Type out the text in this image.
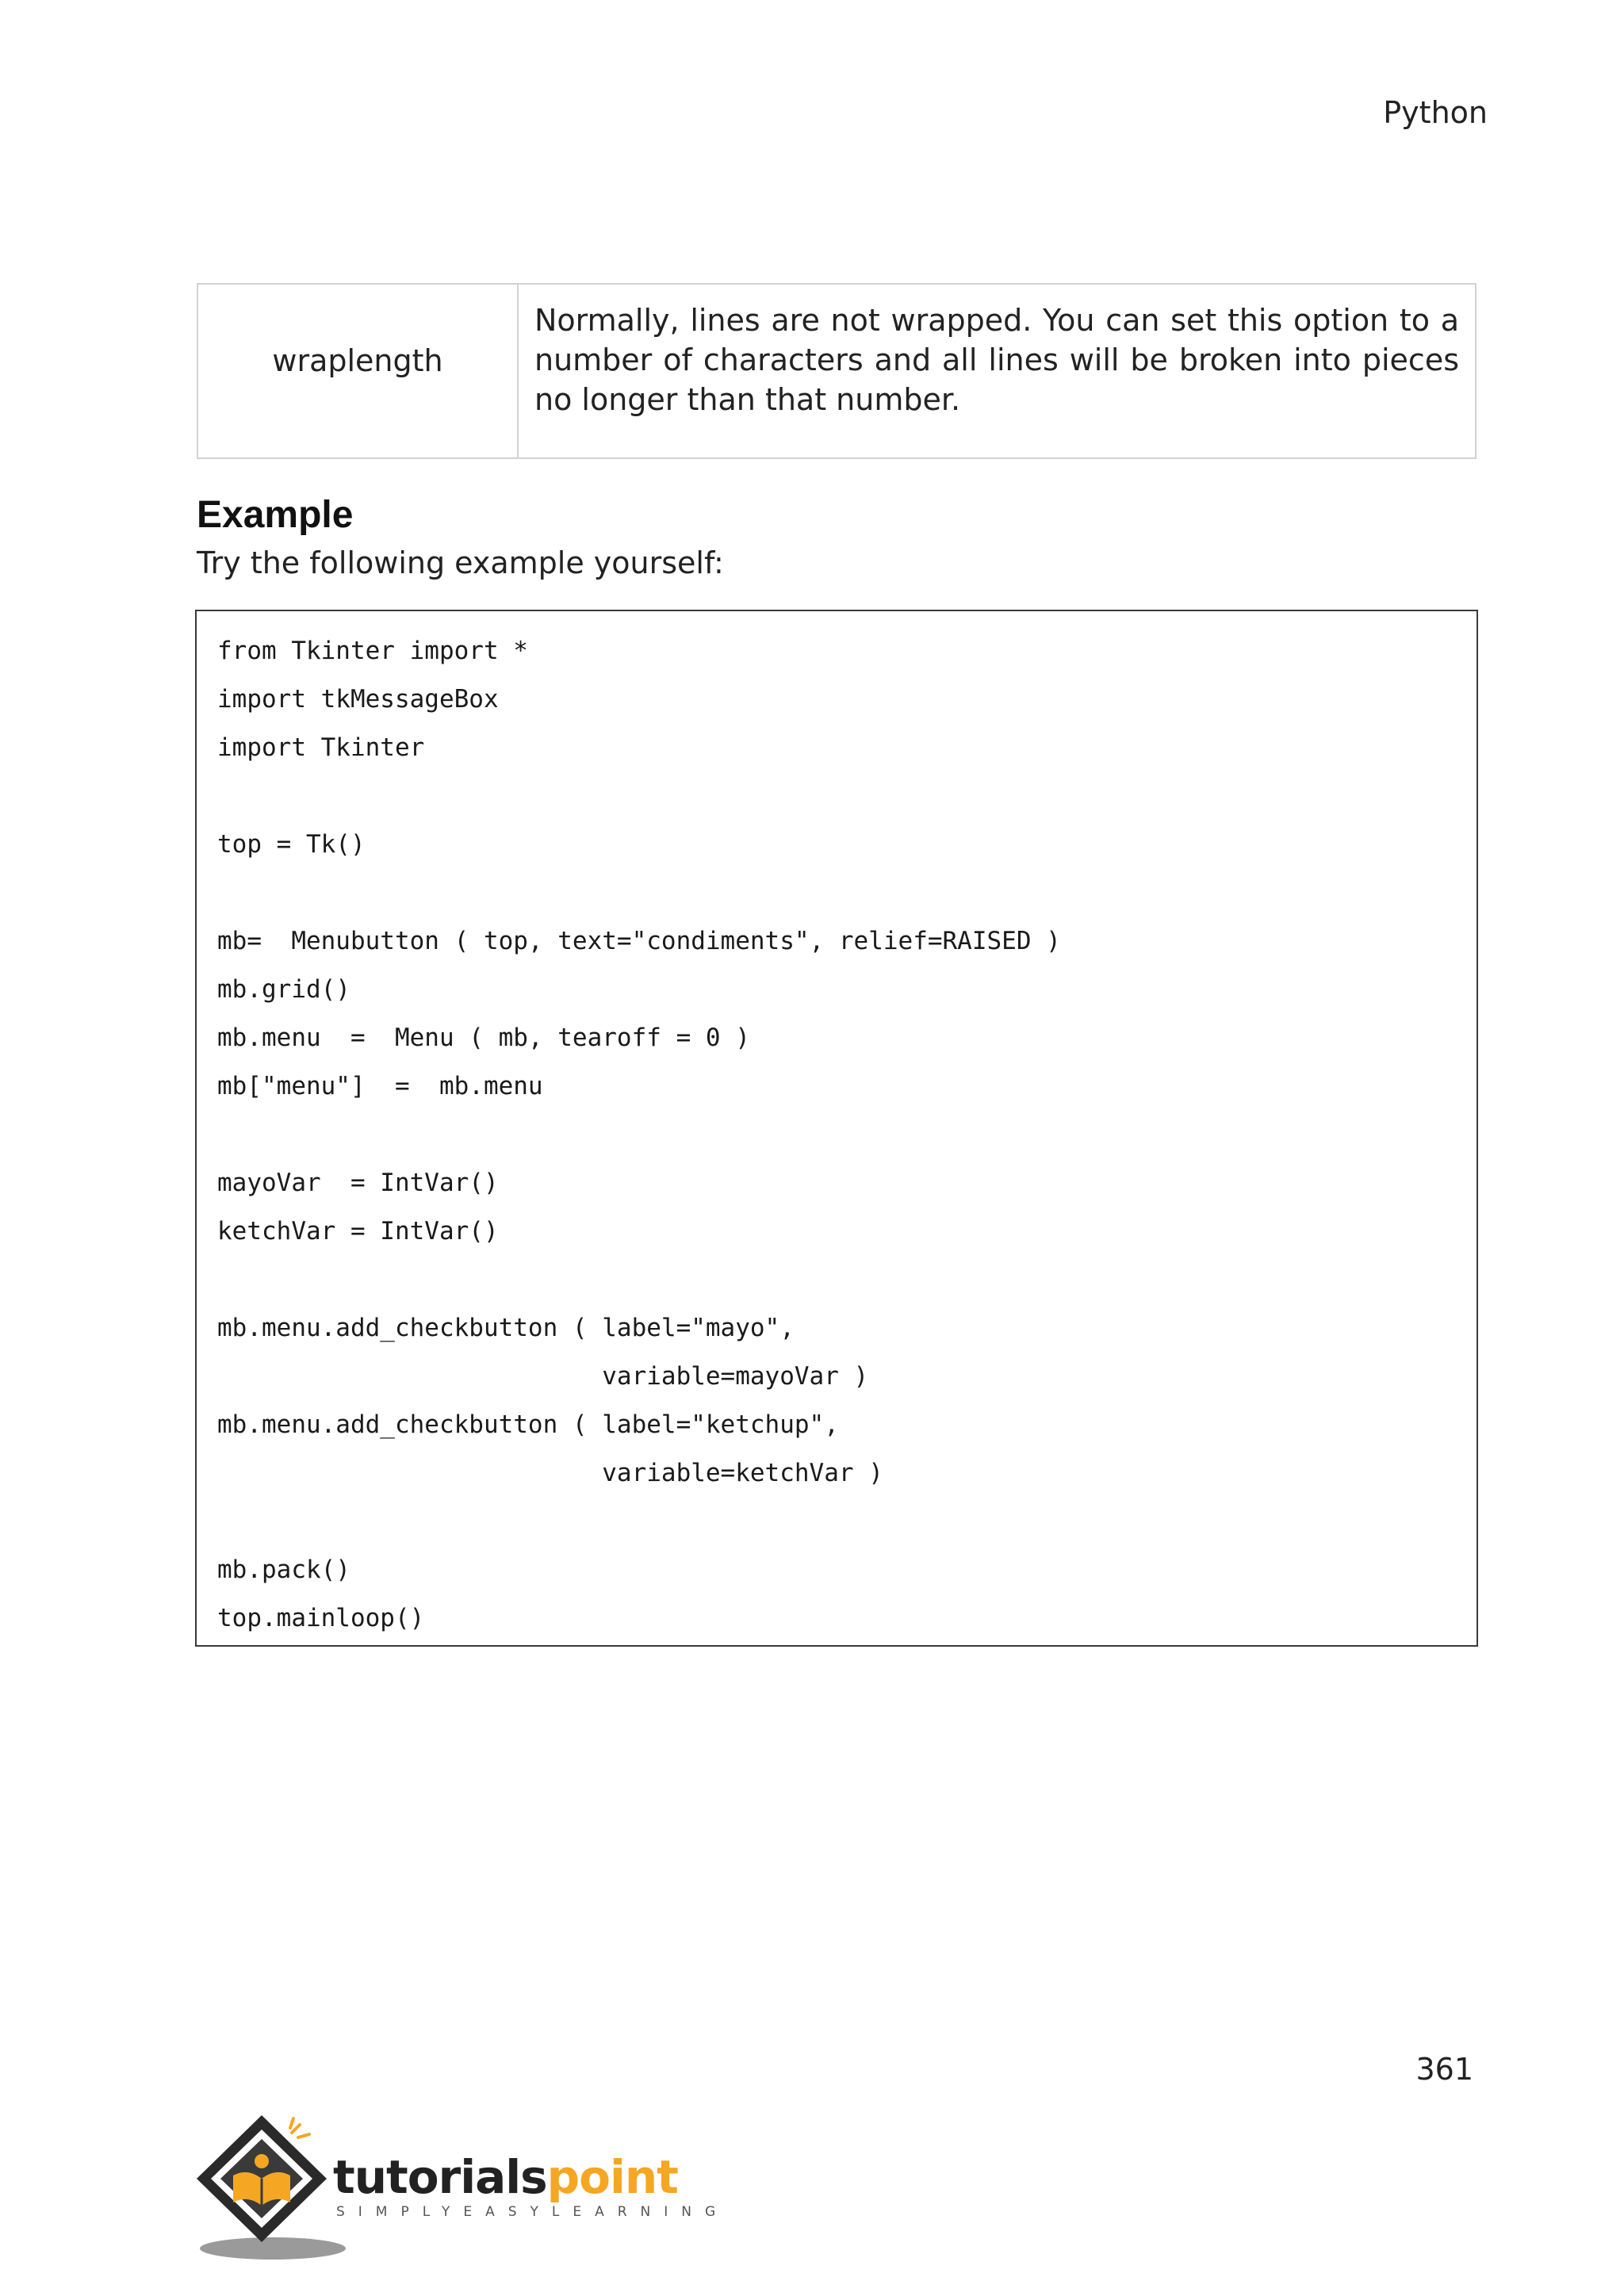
Python
wraplength	Normally, lines are not wrapped. You can set this option to a number of characters and all lines will be broken into pieces no longer than that number.
Example
Try the following example yourself:
from Tkinter import *
import tkMessageBox
import Tkinter
top = Tk()
mb=  Menubutton ( top, text="condiments", relief=RAISED )
mb.grid()
mb.menu  =  Menu ( mb, tearoff = 0 )
mb["menu"]  =  mb.menu
mayoVar  = IntVar()
ketchVar = IntVar()
mb.menu.add_checkbutton ( label="mayo",
variable=mayoVar )
mb.menu.add_checkbutton ( label="ketchup",
variable=ketchVar )
mb.pack()
top.mainloop()
361
tutorialspoint
SIMPLYEASYLEARNING
